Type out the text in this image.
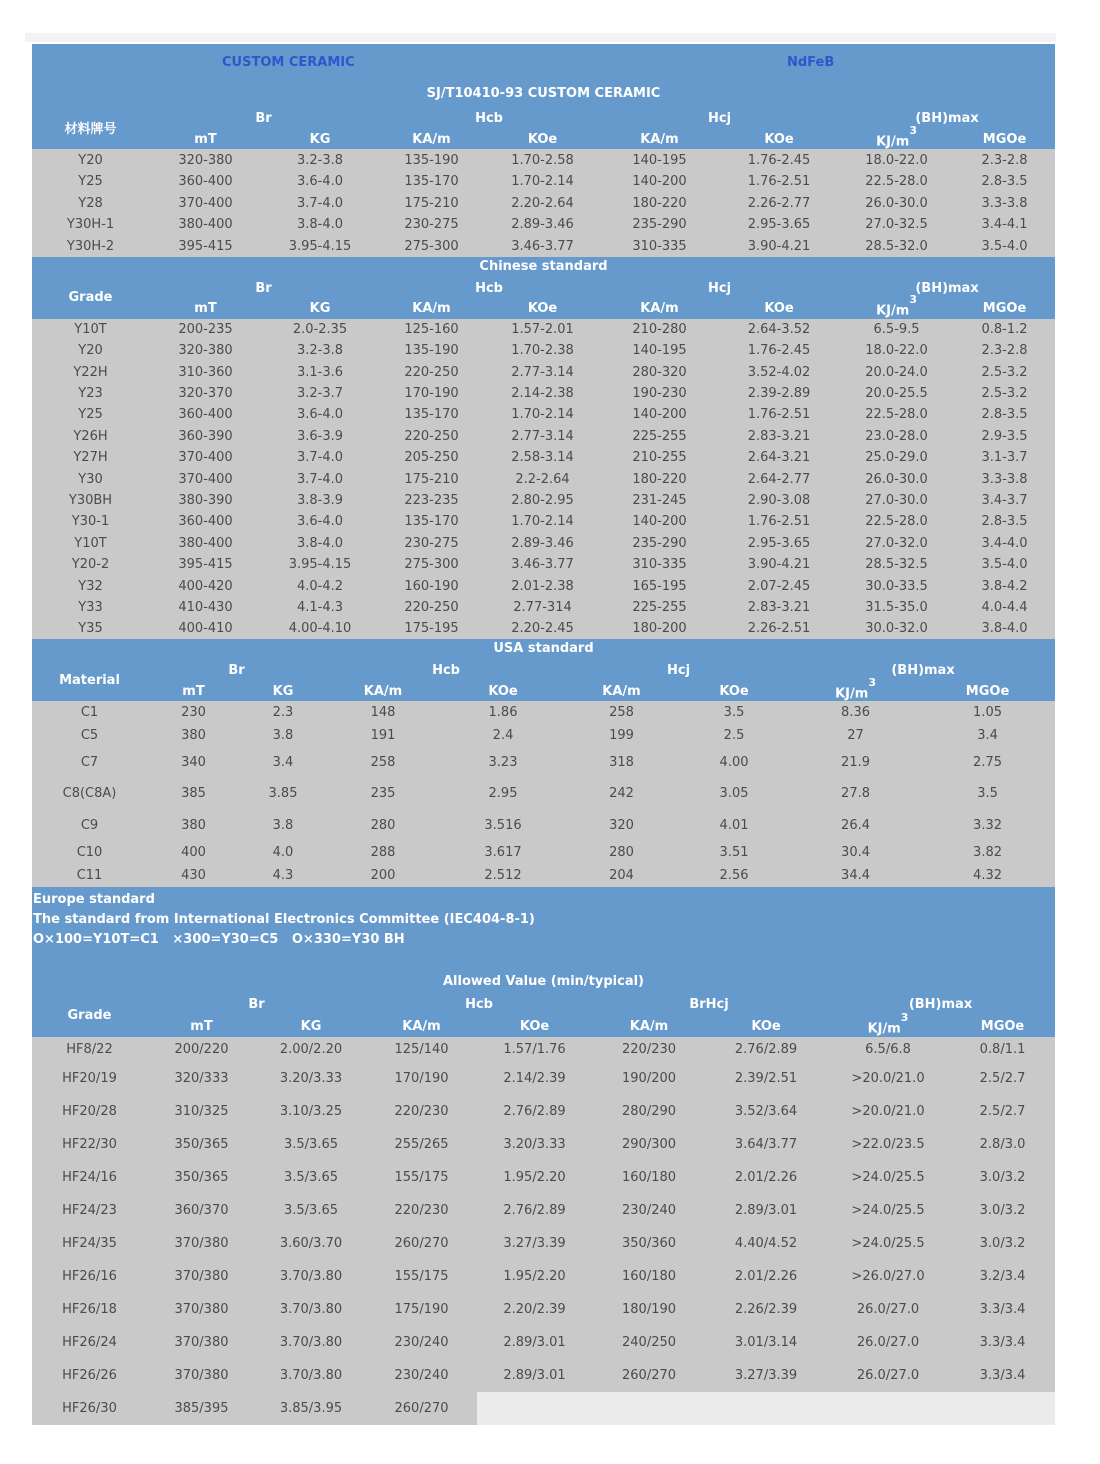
CUSTOM CERAMIC	NdFeB
SJ/T10410-93 CUSTOM CERAMIC
材料牌号	Br		Hcb		Hcj		(BH)max	
	mT	KG	KA/m	KOe	KA/m	KOe	$KJ/m^3$	MGOe
Y20	320-380	3.2-3.8	135-190	1.70-2.58	140-195	1.76-2.45	18.0-22.0	2.3-2.8
Y25	360-400	3.6-4.0	135-170	1.70-2.14	140-200	1.76-2.51	22.5-28.0	2.8-3.5
Y28	370-400	3.7-4.0	175-210	2.20-2.64	180-220	2.26-2.77	26.0-30.0	3.3-3.8
Y30H-1	380-400	3.8-4.0	230-275	2.89-3.46	235-290	2.95-3.65	27.0-32.5	3.4-4.1
Y30H-2	395-415	3.95-4.15	275-300	3.46-3.77	310-335	3.90-4.21	28.5-32.0	3.5-4.0
Chinese standard
Grade	Br		Hcb		Hcj		(BH)max	
	mT	KG	KA/m	KOe	KA/m	KOe	$KJ/m^3$	MGOe
Y10T	200-235	2.0-2.35	125-160	1.57-2.01	210-280	2.64-3.52	6.5-9.5	0.8-1.2
Y20	320-380	3.2-3.8	135-190	1.70-2.38	140-195	1.76-2.45	18.0-22.0	2.3-2.8
Y22H	310-360	3.1-3.6	220-250	2.77-3.14	280-320	3.52-4.02	20.0-24.0	2.5-3.2
Y23	320-370	3.2-3.7	170-190	2.14-2.38	190-230	2.39-2.89	20.0-25.5	2.5-3.2
Y25	360-400	3.6-4.0	135-170	1.70-2.14	140-200	1.76-2.51	22.5-28.0	2.8-3.5
Y26H	360-390	3.6-3.9	220-250	2.77-3.14	225-255	2.83-3.21	23.0-28.0	2.9-3.5
Y27H	370-400	3.7-4.0	205-250	2.58-3.14	210-255	2.64-3.21	25.0-29.0	3.1-3.7
Y30	370-400	3.7-4.0	175-210	2.2-2.64	180-220	2.64-2.77	26.0-30.0	3.3-3.8
Y30BH	380-390	3.8-3.9	223-235	2.80-2.95	231-245	2.90-3.08	27.0-30.0	3.4-3.7
Y30-1	360-400	3.6-4.0	135-170	1.70-2.14	140-200	1.76-2.51	22.5-28.0	2.8-3.5
Y10T	380-400	3.8-4.0	230-275	2.89-3.46	235-290	2.95-3.65	27.0-32.0	3.4-4.0
Y20-2	395-415	3.95-4.15	275-300	3.46-3.77	310-335	3.90-4.21	28.5-32.5	3.5-4.0
Y32	400-420	4.0-4.2	160-190	2.01-2.38	165-195	2.07-2.45	30.0-33.5	3.8-4.2
Y33	410-430	4.1-4.3	220-250	2.77-314	225-255	2.83-3.21	31.5-35.0	4.0-4.4
Y35	400-410	4.00-4.10	175-195	2.20-2.45	180-200	2.26-2.51	30.0-32.0	3.8-4.0
USA standard
Material	Br		Hcb		Hcj		(BH)max	
	mT	KG	KA/m	KOe	KA/m	KOe	$KJ/m^3$	MGOe
C1	230	2.3	148	1.86	258	3.5	8.36	1.05
C5	380	3.8	191	2.4	199	2.5	27	3.4
C7	340	3.4	258	3.23	318	4.00	21.9	2.75
C8(C8A)	385	3.85	235	2.95	242	3.05	27.8	3.5
C9	380	3.8	280	3.516	320	4.01	26.4	3.32
C10	400	4.0	288	3.617	280	3.51	30.4	3.82
C11	430	4.3	200	2.512	204	2.56	34.4	4.32
Europe standard
The standard from International Electronics Committee (IEC404-8-1)
O×100=Y10T=C1   ×300=Y30=C5   O×330=Y30 BH
Allowed Value (min/typical)
Grade	Br		Hcb		BrHcj		(BH)max	
	mT	KG	KA/m	KOe	KA/m	KOe	$KJ/m^3$	MGOe
HF8/22	200/220	2.00/2.20	125/140	1.57/1.76	220/230	2.76/2.89	6.5/6.8	0.8/1.1
HF20/19	320/333	3.20/3.33	170/190	2.14/2.39	190/200	2.39/2.51	>20.0/21.0	2.5/2.7
HF20/28	310/325	3.10/3.25	220/230	2.76/2.89	280/290	3.52/3.64	>20.0/21.0	2.5/2.7
HF22/30	350/365	3.5/3.65	255/265	3.20/3.33	290/300	3.64/3.77	>22.0/23.5	2.8/3.0
HF24/16	350/365	3.5/3.65	155/175	1.95/2.20	160/180	2.01/2.26	>24.0/25.5	3.0/3.2
HF24/23	360/370	3.5/3.65	220/230	2.76/2.89	230/240	2.89/3.01	>24.0/25.5	3.0/3.2
HF24/35	370/380	3.60/3.70	260/270	3.27/3.39	350/360	4.40/4.52	>24.0/25.5	3.0/3.2
HF26/16	370/380	3.70/3.80	155/175	1.95/2.20	160/180	2.01/2.26	>26.0/27.0	3.2/3.4
HF26/18	370/380	3.70/3.80	175/190	2.20/2.39	180/190	2.26/2.39	26.0/27.0	3.3/3.4
HF26/24	370/380	3.70/3.80	230/240	2.89/3.01	240/250	3.01/3.14	26.0/27.0	3.3/3.4
HF26/26	370/380	3.70/3.80	230/240	2.89/3.01	260/270	3.27/3.39	26.0/27.0	3.3/3.4
HF26/30	385/395	3.85/3.95	260/270					
